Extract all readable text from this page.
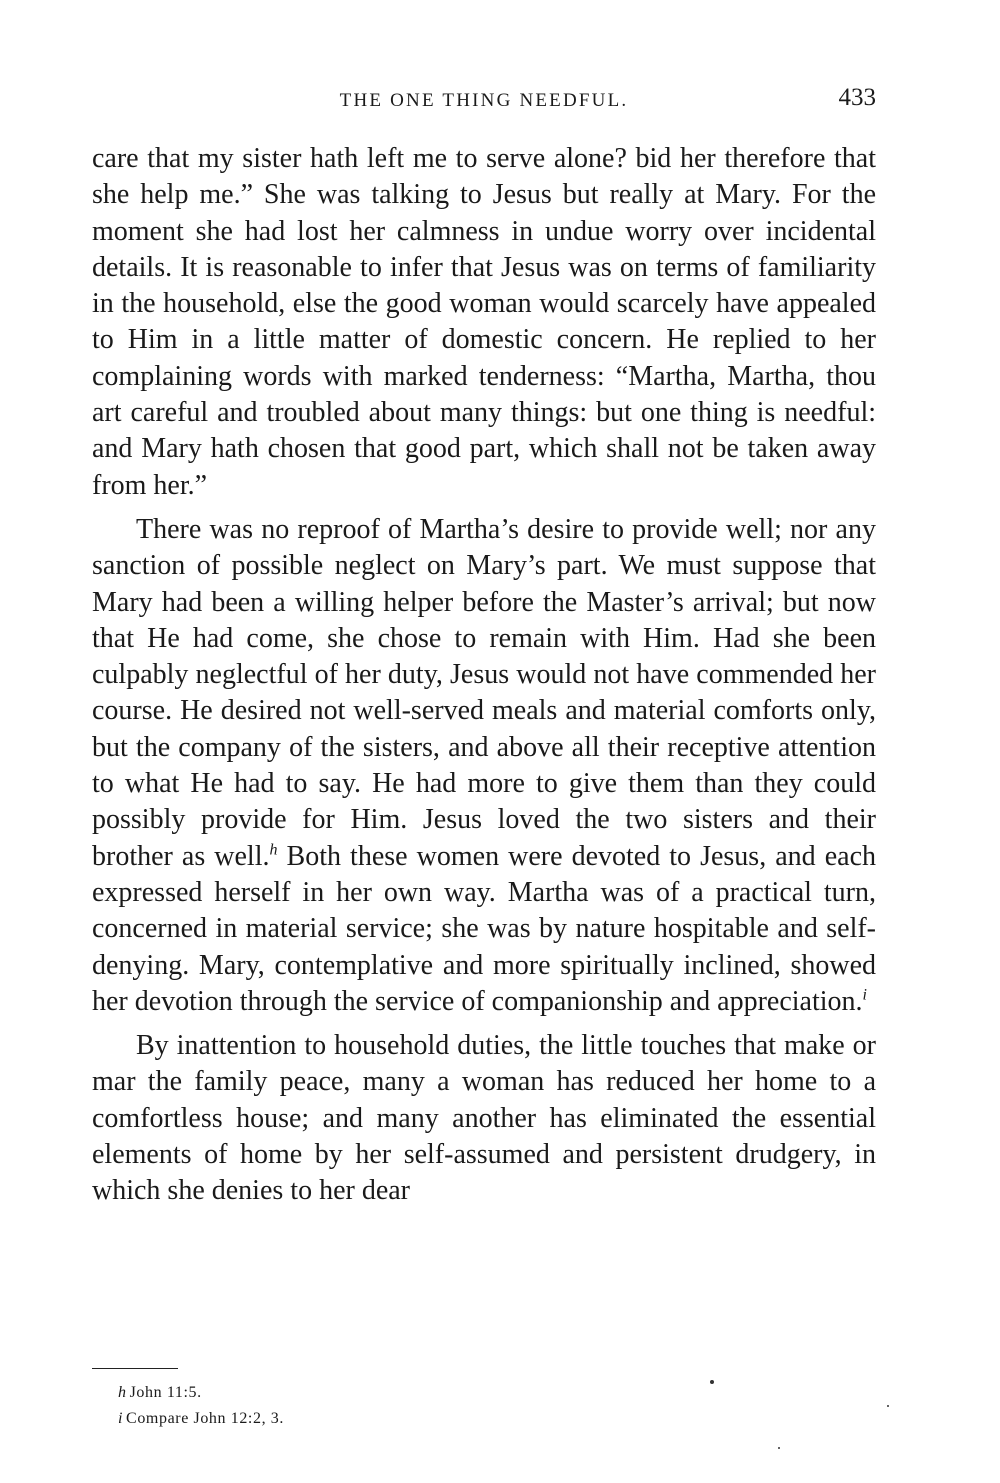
THE ONE THING NEEDFUL.	433

care that my sister hath left me to serve alone? bid her therefore that she help me.” She was talking to Jesus but really at Mary. For the moment she had lost her calmness in undue worry over incidental details. It is reasonable to infer that Jesus was on terms of familiarity in the household, else the good woman would scarcely have appealed to Him in a little matter of domestic concern. He replied to her complaining words with marked tenderness: “Martha, Martha, thou art careful and troubled about many things: but one thing is needful: and Mary hath chosen that good part, which shall not be taken away from her.”

There was no reproof of Martha’s desire to provide well; nor any sanction of possible neglect on Mary’s part. We must suppose that Mary had been a willing helper before the Master’s arrival; but now that He had come, she chose to remain with Him. Had she been culpably neglectful of her duty, Jesus would not have commended her course. He desired not well-served meals and material comforts only, but the company of the sisters, and above all their receptive attention to what He had to say. He had more to give them than they could possibly provide for Him. Jesus loved the two sisters and their brother as well.$^h$ Both these women were devoted to Jesus, and each expressed herself in her own way. Martha was of a practical turn, concerned in material service; she was by nature hospitable and self-denying. Mary, contemplative and more spiritually inclined, showed her devotion through the service of companionship and appreciation.$^i$

By inattention to household duties, the little touches that make or mar the family peace, many a woman has reduced her home to a comfortless house; and many another has eliminated the essential elements of home by her self-assumed and persistent drudgery, in which she denies to her dear

h John 11:5.
i Compare John 12:2, 3.
